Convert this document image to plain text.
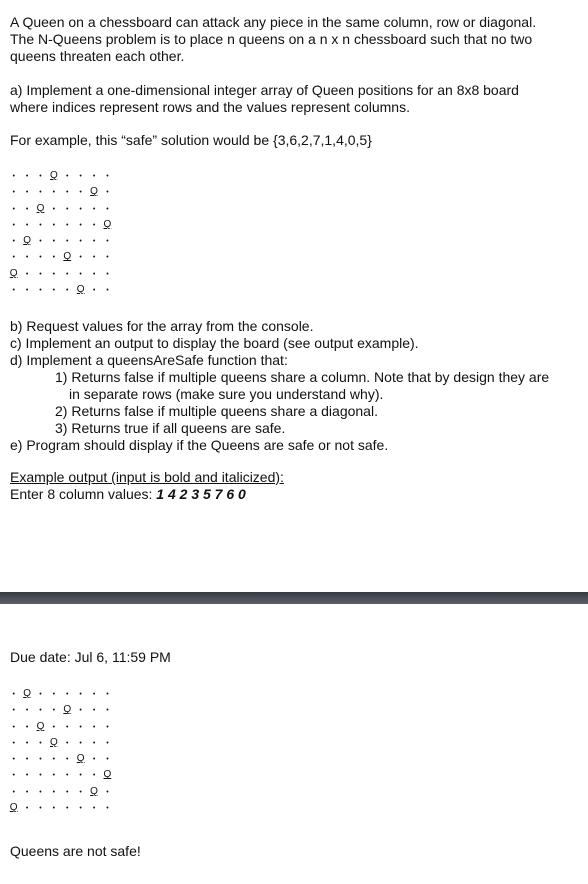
A Queen on a chessboard can attack any piece in the same column, row or diagonal.
The N-Queens problem is to place n queens on a n x n chessboard such that no two
queens threaten each other.
a) Implement a one-dimensional integer array of Queen positions for an 8x8 board
where indices represent rows and the values represent columns.
For example, this “safe” solution would be {3,6,2,7,1,4,0,5}
•
•
•
Q
•
•
•
•
•
•
•
•
•
•
Q
•
•
•
Q
•
•
•
•
•
•
•
•
•
•
•
•
Q
•
Q
•
•
•
•
•
•
•
•
•
•
Q
•
•
•
Q
•
•
•
•
•
•
•
•
•
•
•
•
Q
•
•
b) Request values for the array from the console.
c) Implement an output to display the board (see output example).
d) Implement a queensAreSafe function that:
1) Returns false if multiple queens share a column. Note that by design they are
in separate rows (make sure you understand why).
2) Returns false if multiple queens share a diagonal.
3) Returns true if all queens are safe.
e) Program should display if the Queens are safe or not safe.
Example output (input is bold and italicized):
Enter 8 column values: 1 4 2 3 5 7 6 0
Due date: Jul 6, 11:59 PM
•
Q
•
•
•
•
•
•
•
•
•
•
Q
•
•
•
•
•
Q
•
•
•
•
•
•
•
•
Q
•
•
•
•
•
•
•
•
•
Q
•
•
•
•
•
•
•
•
•
Q
•
•
•
•
•
•
Q
•
Q
•
•
•
•
•
•
•
Queens are not safe!
